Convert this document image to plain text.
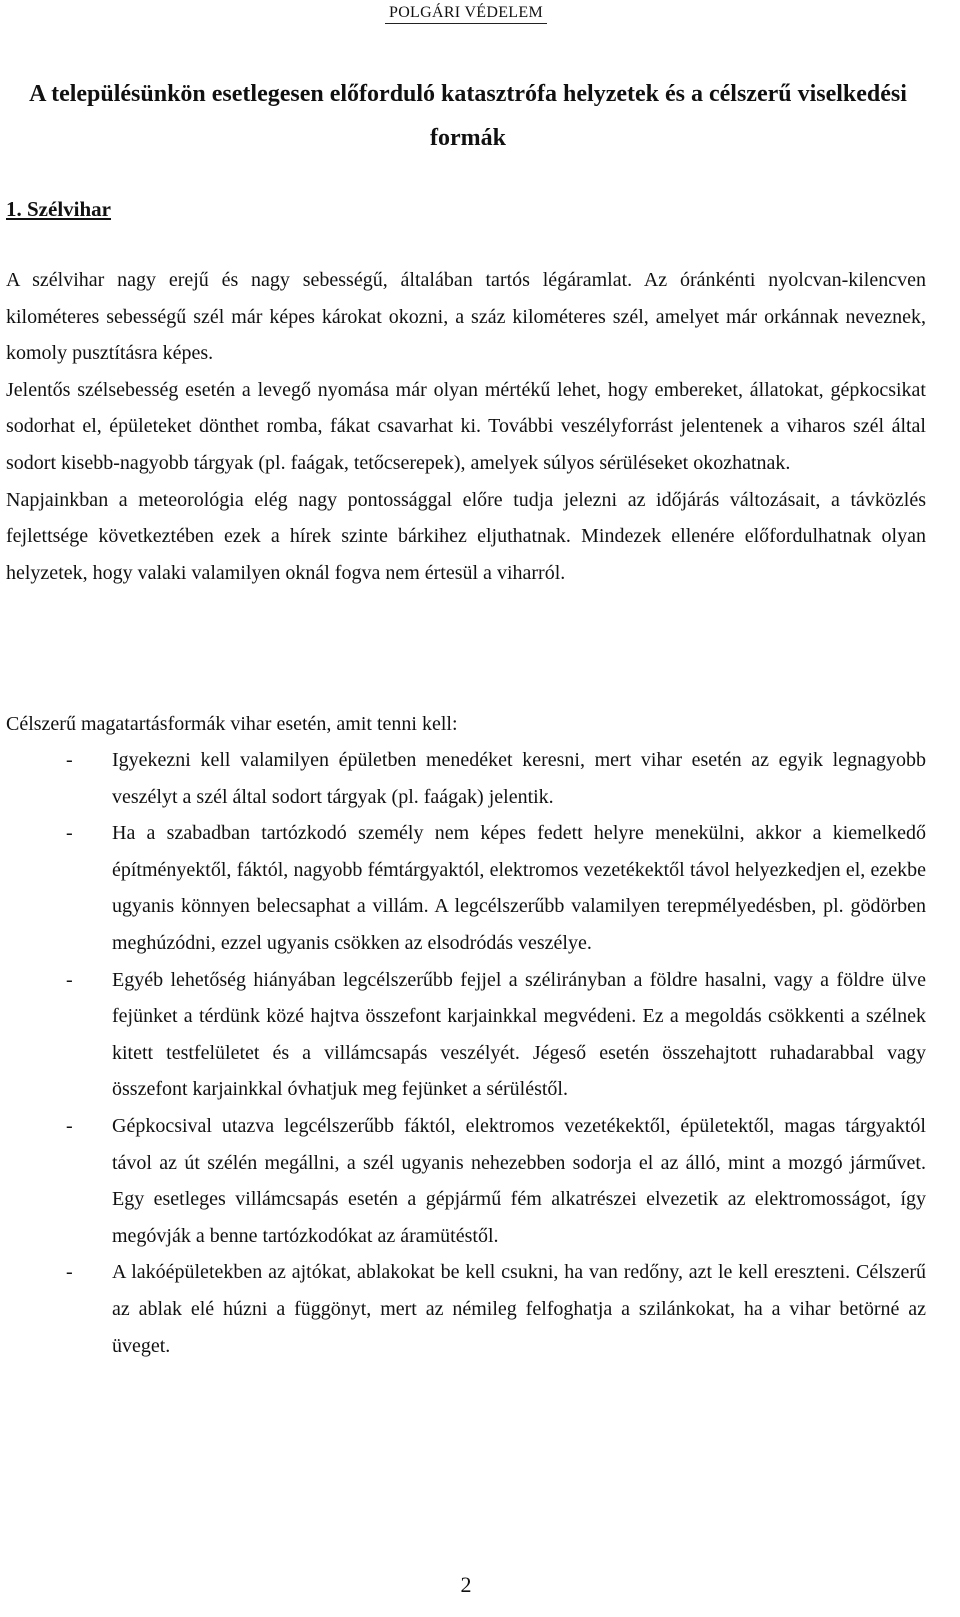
POLGÁRI VÉDELEM
A településünkön esetlegesen előforduló katasztrófa helyzetek és a célszerű viselkedési formák
1. Szélvihar

A szélvihar nagy erejű és nagy sebességű, általában tartós légáramlat. Az óránkénti nyolcvan-kilencven kilométeres sebességű szél már képes károkat okozni, a száz kilométeres szél, amelyet már orkánnak neveznek, komoly pusztításra képes.

Jelentős szélsebesség esetén a levegő nyomása már olyan mértékű lehet, hogy embereket, állatokat, gépkocsikat sodorhat el, épületeket dönthet romba, fákat csavarhat ki. További veszélyforrást jelentenek a viharos szél által sodort kisebb-nagyobb tárgyak (pl. faágak, tetőcserepek), amelyek súlyos sérüléseket okozhatnak.

Napjainkban a meteorológia elég nagy pontossággal előre tudja jelezni az időjárás változásait, a távközlés fejlettsége következtében ezek a hírek szinte bárkihez eljuthatnak. Mindezek ellenére előfordulhatnak olyan helyzetek, hogy valaki valamilyen oknál fogva nem értesül a viharról.

Célszerű magatartásformák vihar esetén, amit tenni kell:

- Igyekezni kell valamilyen épületben menedéket keresni, mert vihar esetén az egyik legnagyobb veszélyt a szél által sodort tárgyak (pl. faágak) jelentik.
- Ha a szabadban tartózkodó személy nem képes fedett helyre menekülni, akkor a kiemelkedő építményektől, fáktól, nagyobb fémtárgyaktól, elektromos vezetékektől távol helyezkedjen el, ezekbe ugyanis könnyen belecsaphat a villám. A legcélszerűbb valamilyen terepmélyedésben, pl. gödörben meghúzódni, ezzel ugyanis csökken az elsodródás veszélye.
- Egyéb lehetőség hiányában legcélszerűbb fejjel a szélirányban a földre hasalni, vagy a földre ülve fejünket a térdünk közé hajtva összefont karjainkkal megvédeni. Ez a megoldás csökkenti a szélnek kitett testfelületet és a villámcsapás veszélyét. Jégeső esetén összehajtott ruhadarabbal vagy összefont karjainkkal óvhatjuk meg fejünket a sérüléstől.
- Gépkocsival utazva legcélszerűbb fáktól, elektromos vezetékektől, épületektől, magas tárgyaktól távol az út szélén megállni, a szél ugyanis nehezebben sodorja el az álló, mint a mozgó járművet. Egy esetleges villámcsapás esetén a gépjármű fém alkatrészei elvezetik az elektromosságot, így megóvják a benne tartózkodókat az áramütéstől.
- A lakóépületekben az ajtókat, ablakokat be kell csukni, ha van redőny, azt le kell ereszteni. Célszerű az ablak elé húzni a függönyt, mert az némileg felfoghatja a szilánkokat, ha a vihar betörné az üveget.
2
